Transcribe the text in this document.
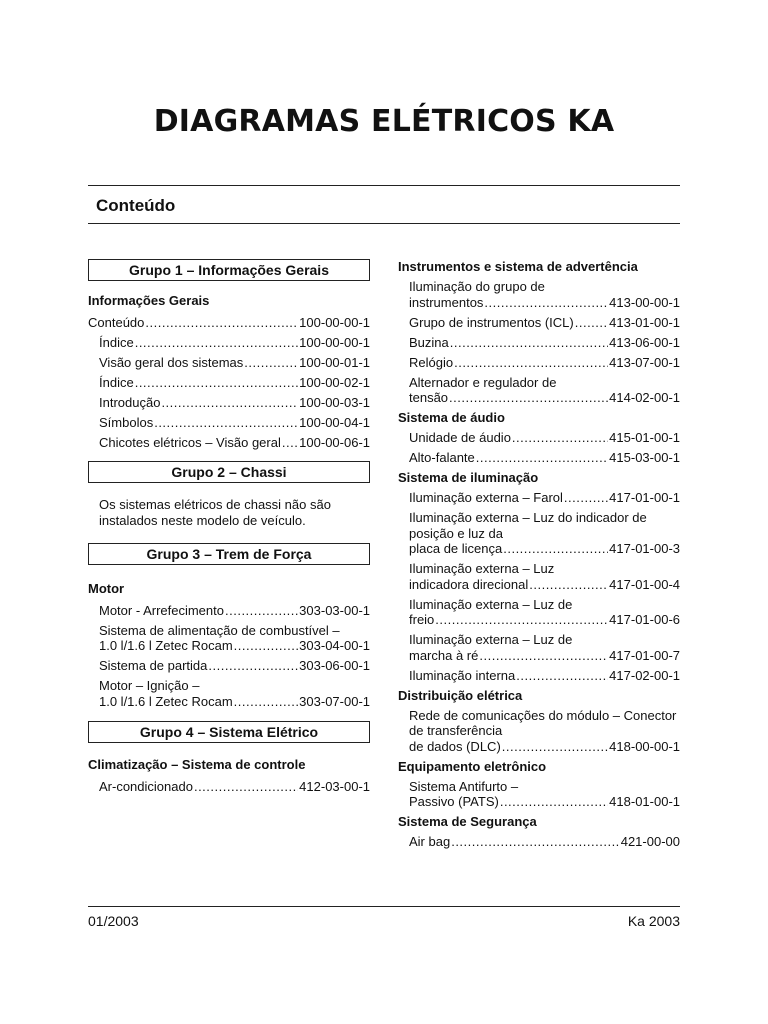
DIAGRAMAS ELÉTRICOS KA
Conteúdo
Grupo 1 – Informações Gerais
Informações Gerais
Conteúdo .....	100-00-00-1
Índice .....	100-00-00-1
Visão geral dos sistemas .....	100-00-01-1
Índice .....	100-00-02-1
Introdução .....	100-00-03-1
Símbolos .....	100-00-04-1
Chicotes elétricos – Visão geral ..... 100-00-06-1
Grupo 2 – Chassi
Os sistemas elétricos de chassi não são instalados neste modelo de veículo.
Grupo 3 – Trem de Força
Motor
Motor - Arrefecimento .....	303-03-00-1
Sistema de alimentação de combustível –
1.0 l/1.6 l Zetec Rocam .....	303-04-00-1
Sistema de partida .....	303-06-00-1
Motor – Ignição –
1.0 l/1.6 l Zetec Rocam .....	303-07-00-1
Grupo 4 – Sistema Elétrico
Climatização – Sistema de controle
Ar-condicionado .....	412-03-00-1
Instrumentos e sistema de advertência
Iluminação do grupo de
instrumentos .....	413-00-00-1
Grupo de instrumentos (ICL) .....	413-01-00-1
Buzina .....	413-06-00-1
Relógio .....	413-07-00-1
Alternador e regulador de
tensão .....	414-02-00-1
Sistema de áudio
Unidade de áudio .....	415-01-00-1
Alto-falante .....	415-03-00-1
Sistema de iluminação
Iluminação externa – Farol .....	417-01-00-1
Iluminação externa – Luz do indicador de posição e luz da
placa de licença .....	417-01-00-3
Iluminação externa – Luz
indicadora direcional .....	417-01-00-4
Iluminação externa – Luz de
freio .....	417-01-00-6
Iluminação externa – Luz de
marcha à ré .....	417-01-00-7
Iluminação interna .....	417-02-00-1
Distribuição elétrica
Rede de comunicações do módulo – Conector de transferência
de dados (DLC) .....	418-00-00-1
Equipamento eletrônico
Sistema Antifurto –
Passivo (PATS) .....	418-01-00-1
Sistema de Segurança
Air bag .....	421-00-00
01/2003	Ka 2003
